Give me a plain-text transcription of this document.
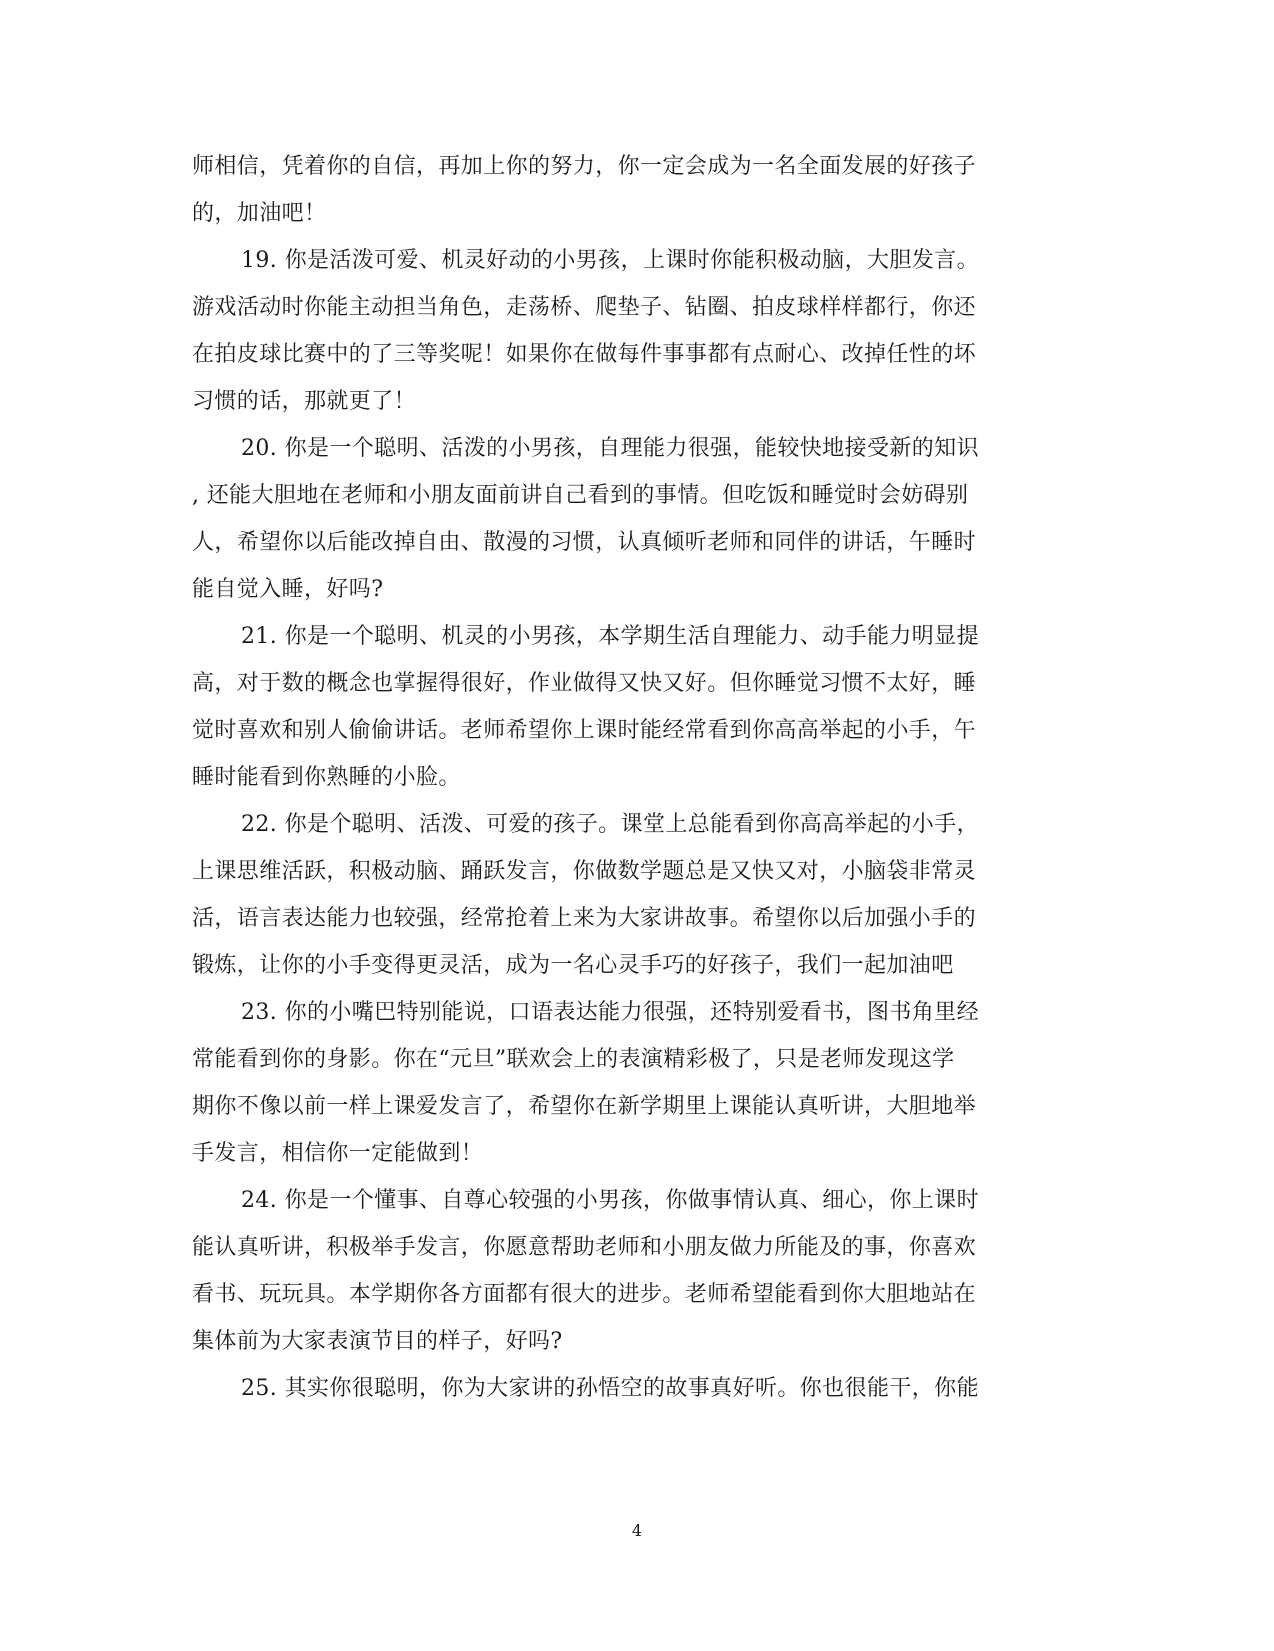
师相信，凭着你的自信，再加上你的努力，你一定会成为一名全面发展的好孩子
的，加油吧！
19. 你是活泼可爱、机灵好动的小男孩，上课时你能积极动脑，大胆发言。
游戏活动时你能主动担当角色，走荡桥、爬垫子、钻圈、拍皮球样样都行，你还
在拍皮球比赛中的了三等奖呢！如果你在做每件事事都有点耐心、改掉任性的坏
习惯的话，那就更了！
20. 你是一个聪明、活泼的小男孩，自理能力很强，能较快地接受新的知识
, 还能大胆地在老师和小朋友面前讲自己看到的事情。但吃饭和睡觉时会妨碍别
人，希望你以后能改掉自由、散漫的习惯，认真倾听老师和同伴的讲话，午睡时
能自觉入睡，好吗?
21. 你是一个聪明、机灵的小男孩，本学期生活自理能力、动手能力明显提
高，对于数的概念也掌握得很好，作业做得又快又好。但你睡觉习惯不太好，睡
觉时喜欢和别人偷偷讲话。老师希望你上课时能经常看到你高高举起的小手，午
睡时能看到你熟睡的小脸。
22. 你是个聪明、活泼、可爱的孩子。课堂上总能看到你高高举起的小手，
上课思维活跃，积极动脑、踊跃发言，你做数学题总是又快又对，小脑袋非常灵
活，语言表达能力也较强，经常抢着上来为大家讲故事。希望你以后加强小手的
锻炼，让你的小手变得更灵活，成为一名心灵手巧的好孩子，我们一起加油吧
23. 你的小嘴巴特别能说，口语表达能力很强，还特别爱看书，图书角里经
常能看到你的身影。你在“元旦”联欢会上的表演精彩极了，只是老师发现这学
期你不像以前一样上课爱发言了，希望你在新学期里上课能认真听讲，大胆地举
手发言，相信你一定能做到！
24. 你是一个懂事、自尊心较强的小男孩，你做事情认真、细心，你上课时
能认真听讲，积极举手发言，你愿意帮助老师和小朋友做力所能及的事，你喜欢
看书、玩玩具。本学期你各方面都有很大的进步。老师希望能看到你大胆地站在
集体前为大家表演节目的样子，好吗?
25. 其实你很聪明，你为大家讲的孙悟空的故事真好听。你也很能干，你能
4
